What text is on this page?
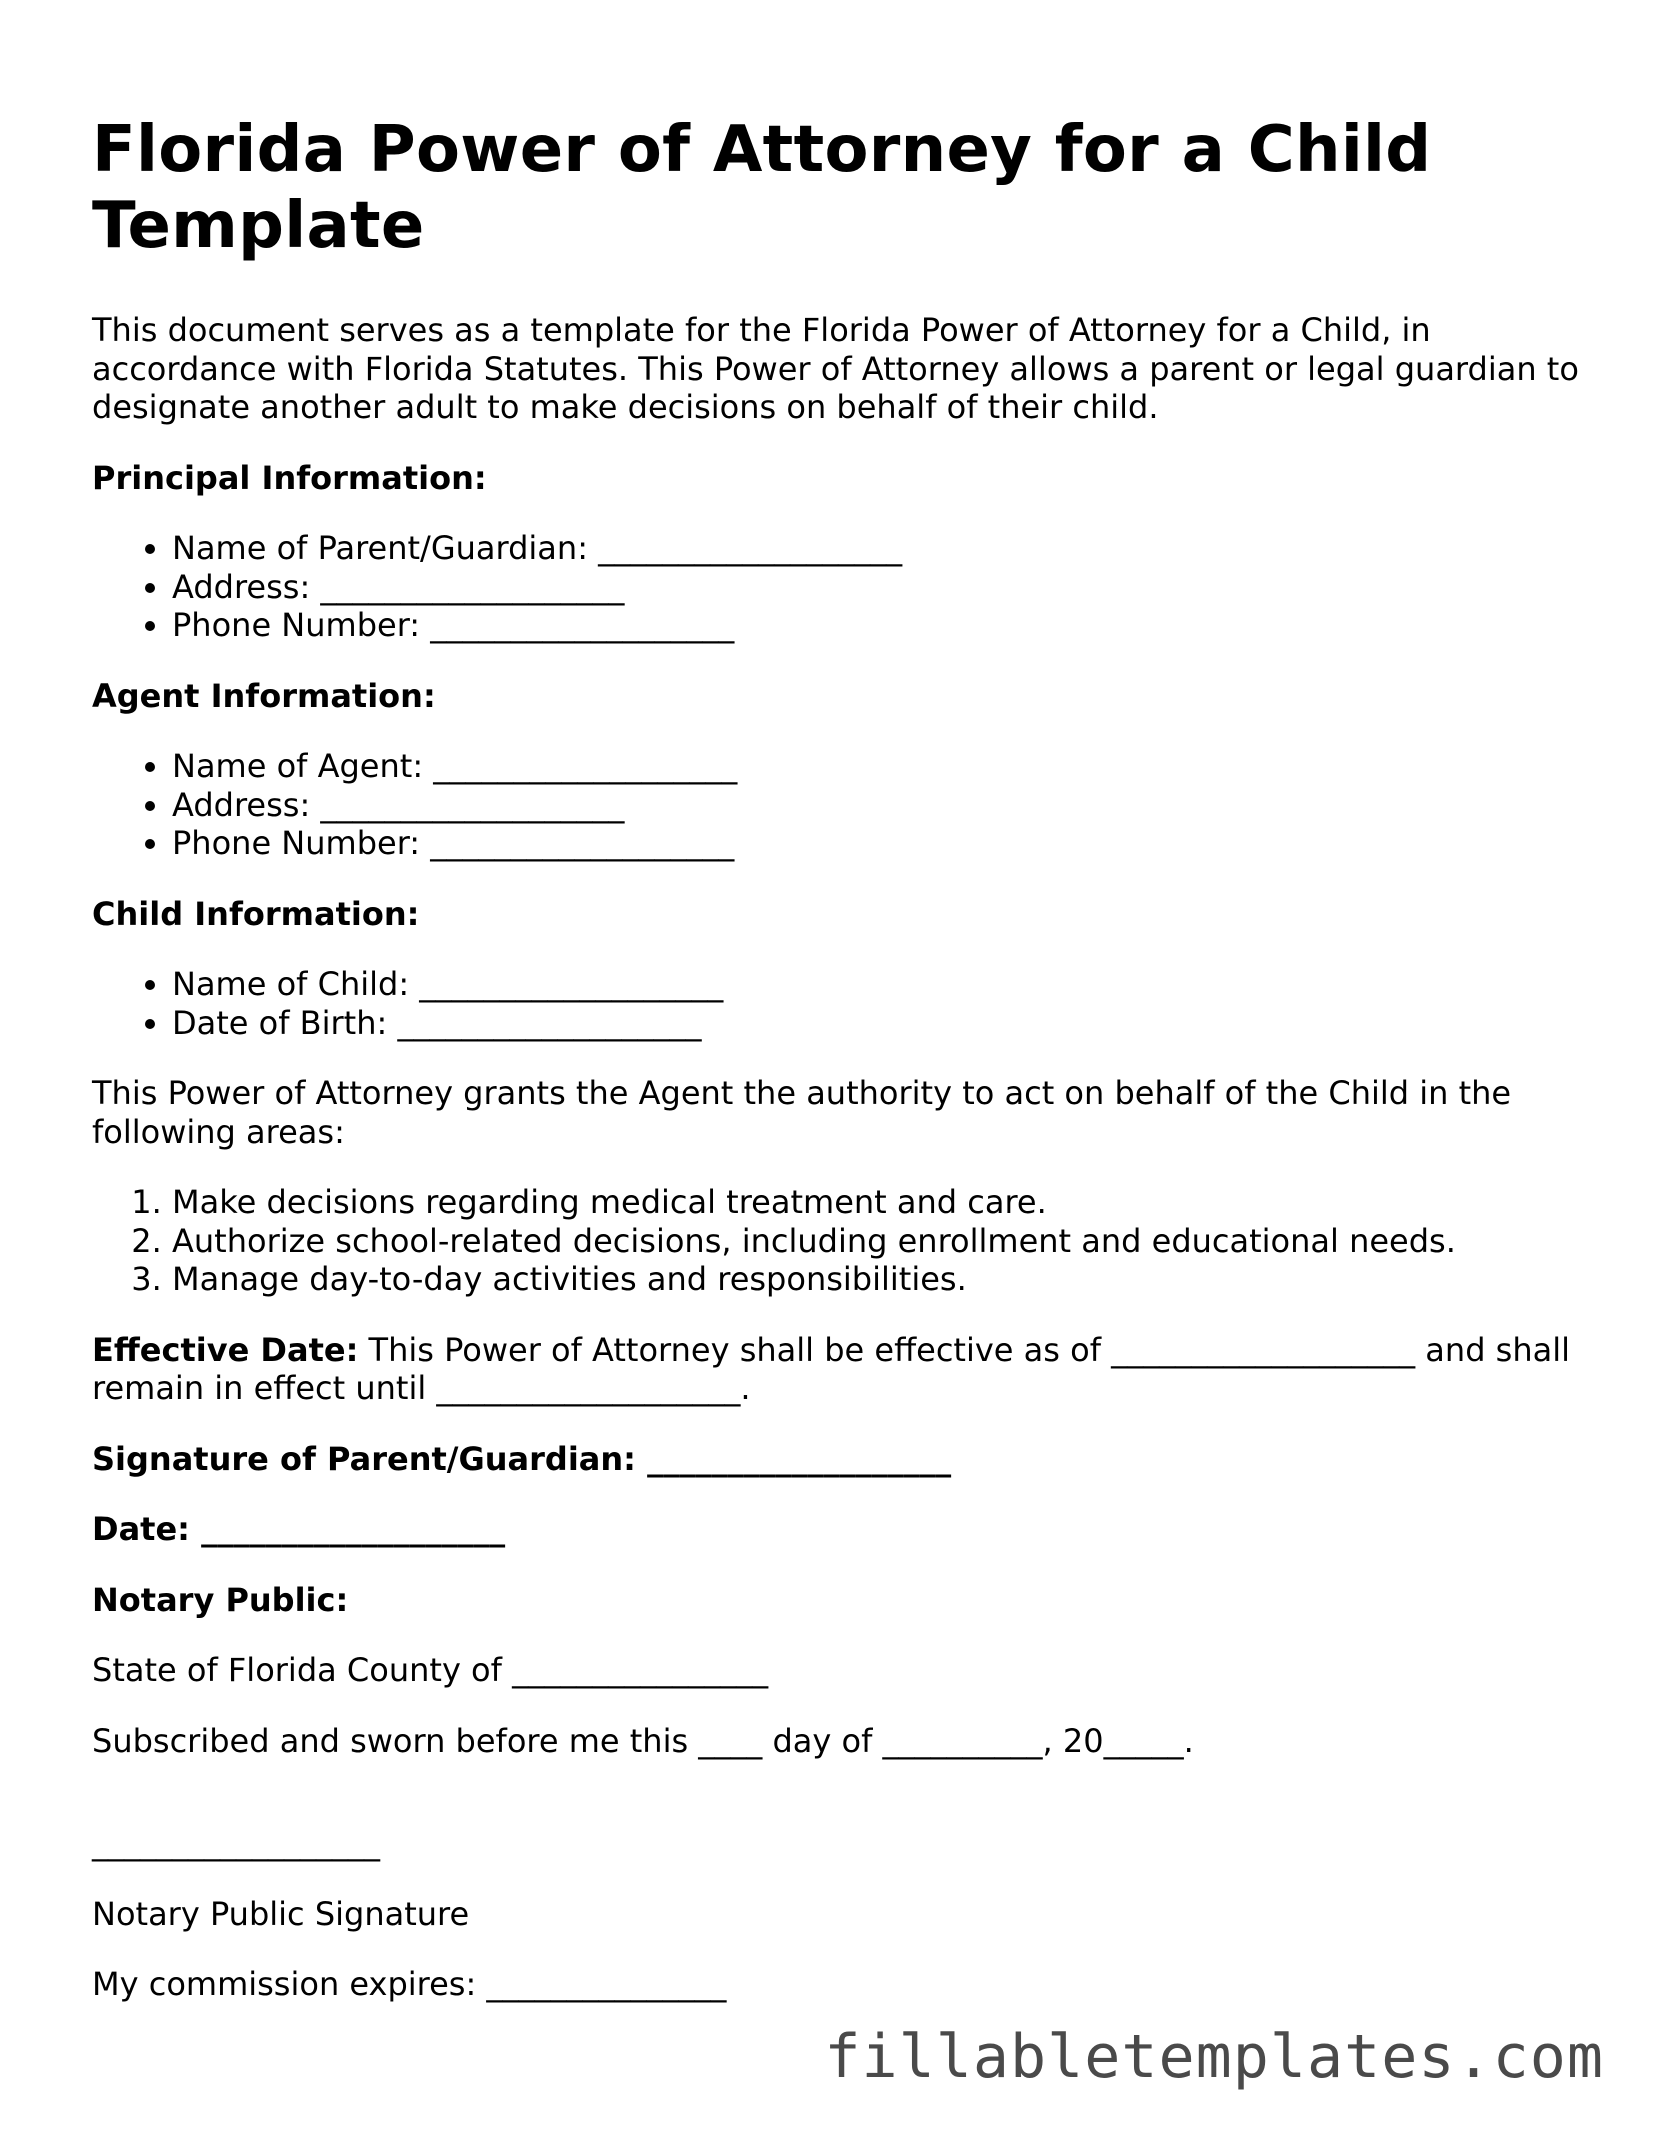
Florida Power of Attorney for a Child Template

This document serves as a template for the Florida Power of Attorney for a Child, in accordance with Florida Statutes. This Power of Attorney allows a parent or legal guardian to designate another adult to make decisions on behalf of their child.

Principal Information:
• Name of Parent/Guardian: ___________________
• Address: ___________________
• Phone Number: ___________________
Agent Information:
• Name of Agent: ___________________
• Address: ___________________
• Phone Number: ___________________
Child Information:
• Name of Child: ___________________
• Date of Birth: ___________________

This Power of Attorney grants the Agent the authority to act on behalf of the Child in the following areas:

1. Make decisions regarding medical treatment and care.
2. Authorize school-related decisions, including enrollment and educational needs.
3. Manage day-to-day activities and responsibilities.

Effective Date: This Power of Attorney shall be effective as of ___________________ and shall remain in effect until ___________________.

Signature of Parent/Guardian: ___________________

Date: ___________________

Notary Public:

State of Florida County of ________________

Subscribed and sworn before me this ____ day of __________, 20_____.

__________________

Notary Public Signature

My commission expires: _______________

fillabletemplates.com
